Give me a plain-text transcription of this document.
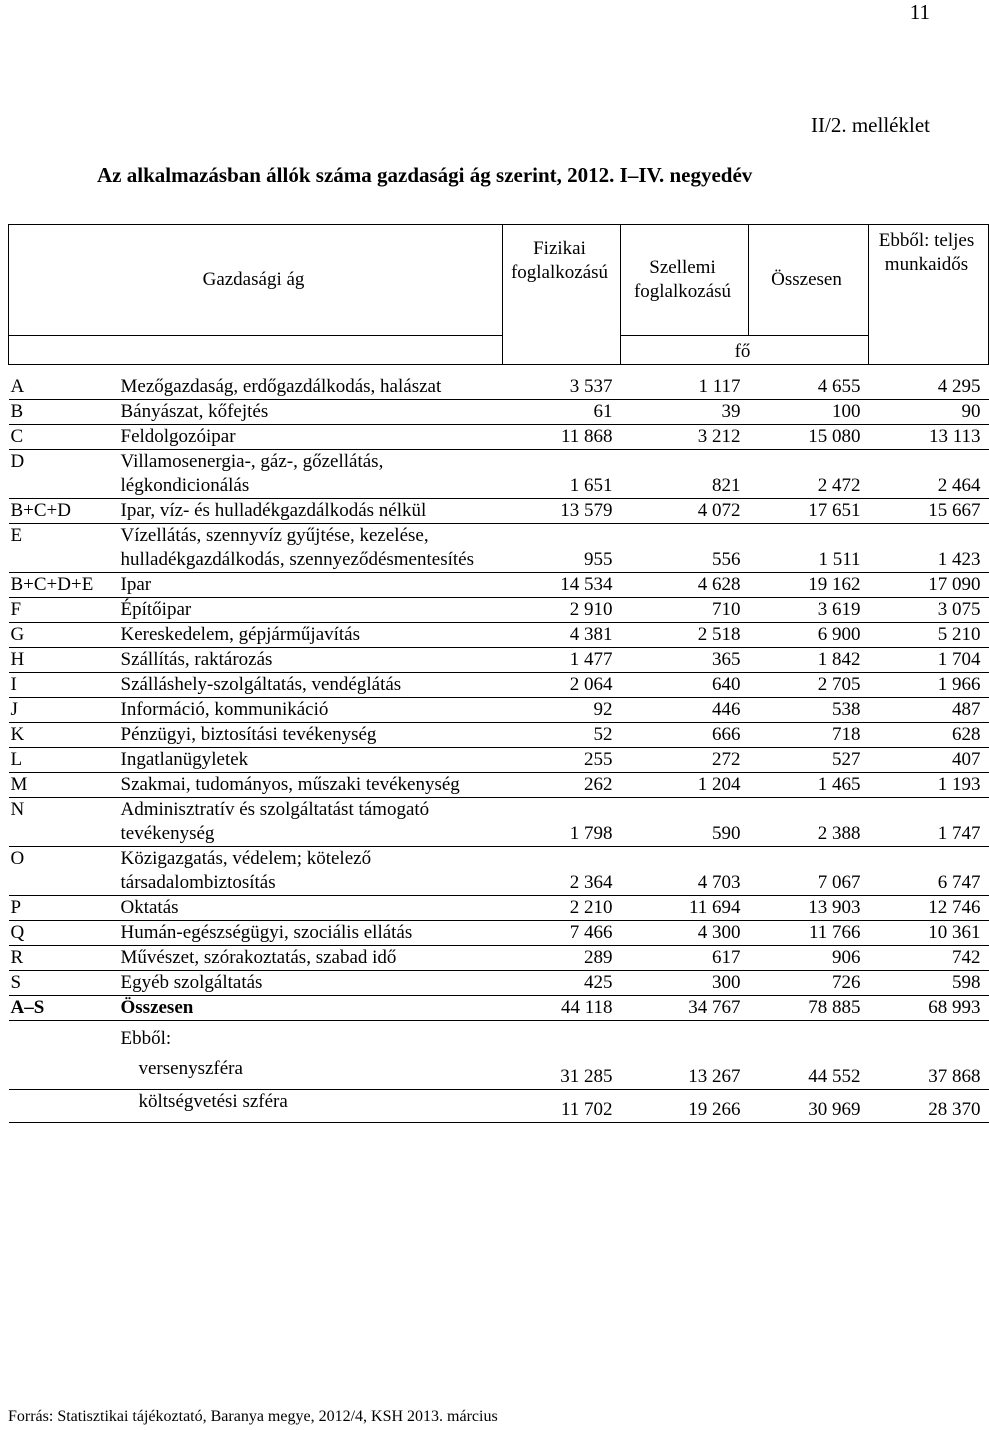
11
II/2. melléklet
Az alkalmazásban állók száma gazdasági ág szerint, 2012. I–IV. negyedév
Gazdasági ág		Fizikai foglalkozású	Szellemi foglalkozású	Összesen	Ebből: teljes munkaidős
			fő		

A	Mezőgazdaság, erdőgazdálkodás, halászat	3 537	1 117	4 655	4 295
B	Bányászat, kőfejtés	61	39	100	90
C	Feldolgozóipar	11 868	3 212	15 080	13 113
D	Villamosenergia-, gáz-, gőzellátás, légkondicionálás	1 651	821	2 472	2 464
B+C+D	Ipar, víz- és hulladékgazdálkodás nélkül	13 579	4 072	17 651	15 667
E	Vízellátás, szennyvíz gyűjtése, kezelése, hulladékgazdálkodás, szennyeződésmentesítés	955	556	1 511	1 423
B+C+D+E	Ipar	14 534	4 628	19 162	17 090
F	Építőipar	2 910	710	3 619	3 075
G	Kereskedelem, gépjárműjavítás	4 381	2 518	6 900	5 210
H	Szállítás, raktározás	1 477	365	1 842	1 704
I	Szálláshely-szolgáltatás, vendéglátás	2 064	640	2 705	1 966
J	Információ, kommunikáció	92	446	538	487
K	Pénzügyi, biztosítási tevékenység	52	666	718	628
L	Ingatlanügyletek	255	272	527	407
M	Szakmai, tudományos, műszaki tevékenység	262	1 204	1 465	1 193
N	Adminisztratív és szolgáltatást támogató tevékenység	1 798	590	2 388	1 747
O	Közigazgatás, védelem; kötelező társadalombiztosítás	2 364	4 703	7 067	6 747
P	Oktatás	2 210	11 694	13 903	12 746
Q	Humán-egészségügyi, szociális ellátás	7 466	4 300	11 766	10 361
R	Művészet, szórakoztatás, szabad idő	289	617	906	742
S	Egyéb szolgáltatás	425	300	726	598
A–S	Összesen	44 118	34 767	78 885	68 993
	Ebből:				
	versenyszféra	31 285	13 267	44 552	37 868
	költségvetési szféra	11 702	19 266	30 969	28 370
Forrás: Statisztikai tájékoztató, Baranya megye, 2012/4, KSH 2013. március
